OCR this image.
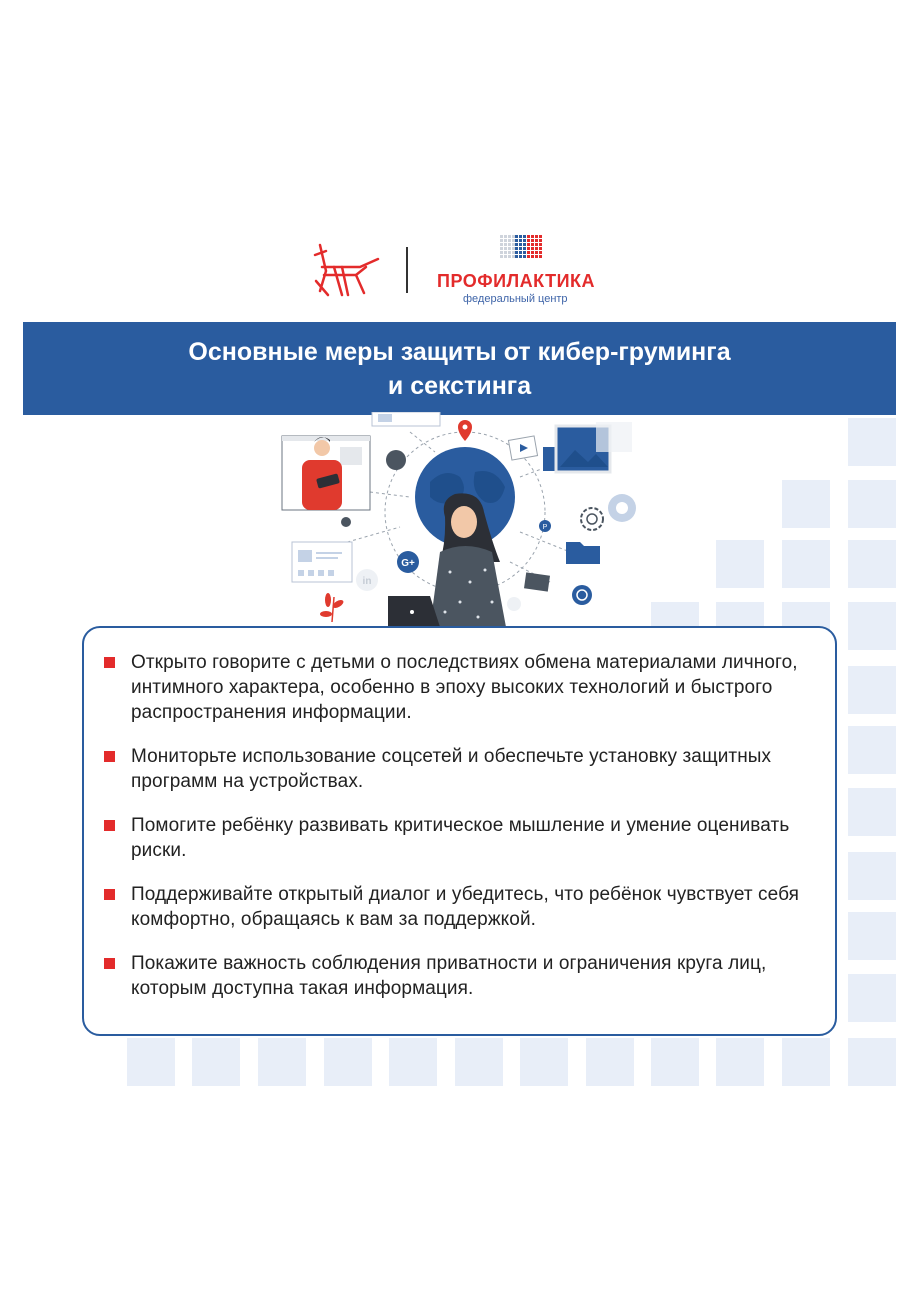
ПРОФИЛАКТИКА
федеральный центр
Основные меры защиты от кибер-груминга
и секстинга
P
G+
in
Открыто говорите с детьми о последствиях обмена материалами личного, интимного характера, особенно в эпоху высоких технологий и быстрого распространения информации.
Мониторьте использование соцсетей и обеспечьте установку защитных программ на устройствах.
Помогите ребёнку развивать критическое мышление и умение оценивать риски.
Поддерживайте открытый диалог и убедитесь, что ребёнок чувствует себя комфортно, обращаясь к вам за поддержкой.
Покажите важность соблюдения приватности и ограничения круга лиц, которым доступна такая информация.
